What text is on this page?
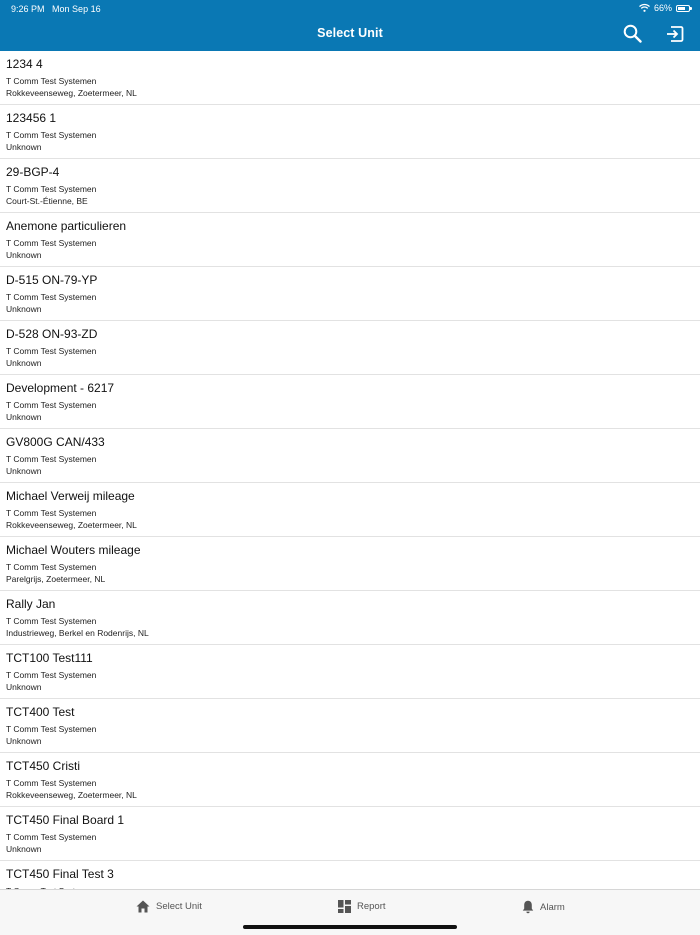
9:26 PM Mon Sep 16	66%
Select Unit
1234 4
T Comm Test Systemen
Rokkeveenseweg, Zoetermeer, NL
123456 1
T Comm Test Systemen
Unknown
29-BGP-4
T Comm Test Systemen
Court-St.-Étienne, BE
Anemone particulieren
T Comm Test Systemen
Unknown
D-515 ON-79-YP
T Comm Test Systemen
Unknown
D-528 ON-93-ZD
T Comm Test Systemen
Unknown
Development - 6217
T Comm Test Systemen
Unknown
GV800G CAN/433
T Comm Test Systemen
Unknown
Michael Verweij mileage
T Comm Test Systemen
Rokkeveenseweg, Zoetermeer, NL
Michael Wouters mileage
T Comm Test Systemen
Parelgrijs, Zoetermeer, NL
Rally Jan
T Comm Test Systemen
Industrieweg, Berkel en Rodenrijs, NL
TCT100 Test111
T Comm Test Systemen
Unknown
TCT400 Test
T Comm Test Systemen
Unknown
TCT450 Cristi
T Comm Test Systemen
Rokkeveenseweg, Zoetermeer, NL
TCT450 Final Board 1
T Comm Test Systemen
Unknown
TCT450 Final Test 3
Select Unit	Report	Alarm
